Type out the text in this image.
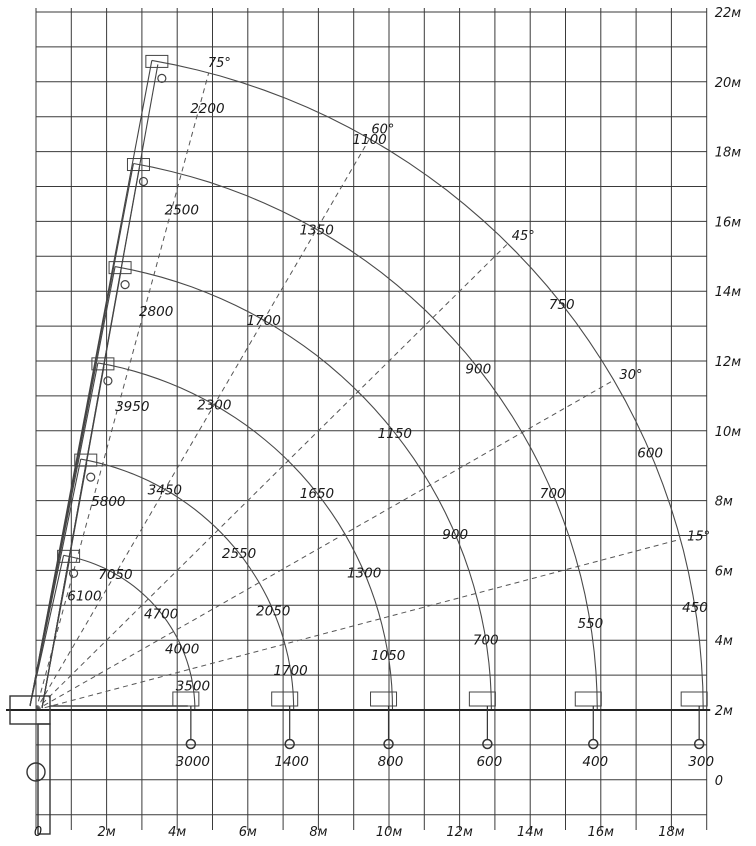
3500
4000
4700
7050
6100
3000
1700
2050
2550
3450
5800
1400
1050
1300
1650
2300
3950
800
700
900
1150
1700
2800
600
550
700
900
1350
2500
400
450
600
750
1100
2200
300
0	2м	4м	6м	8м	10м	12м	14м	16м	18м
2м
4м
6м
8м
10м
12м
14м
16м
18м
20м
22м
0
75°
60°
45°
30°
15°
